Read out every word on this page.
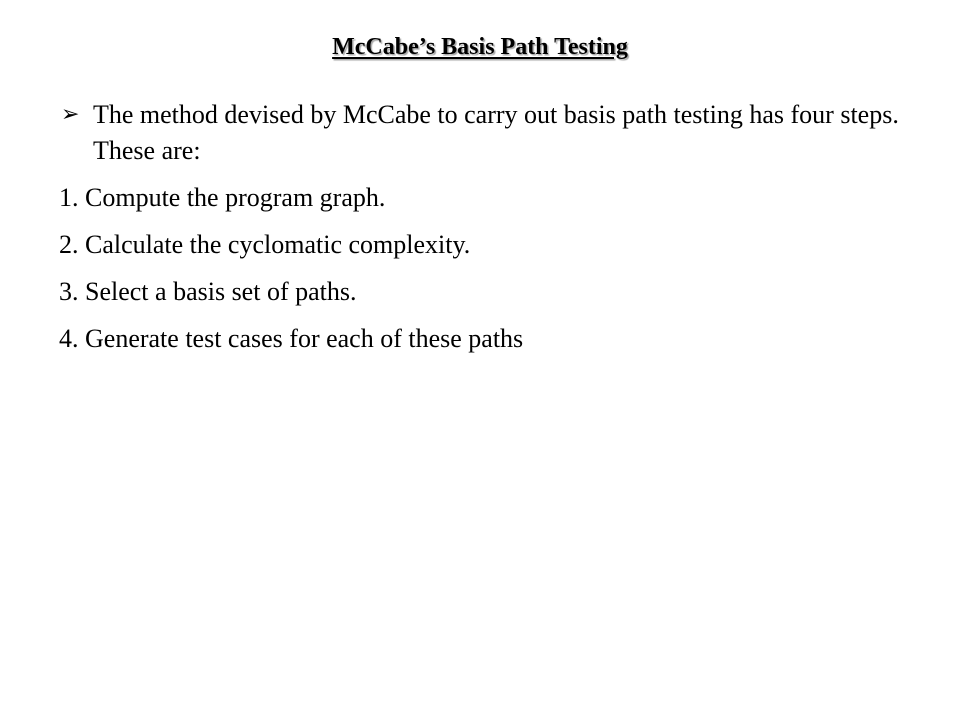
McCabe’s Basis Path Testing
➢ The method devised by McCabe to carry out basis path testing has four steps. These are:
1. Compute the program graph.
2. Calculate the cyclomatic complexity.
3. Select a basis set of paths.
4. Generate test cases for each of these paths
